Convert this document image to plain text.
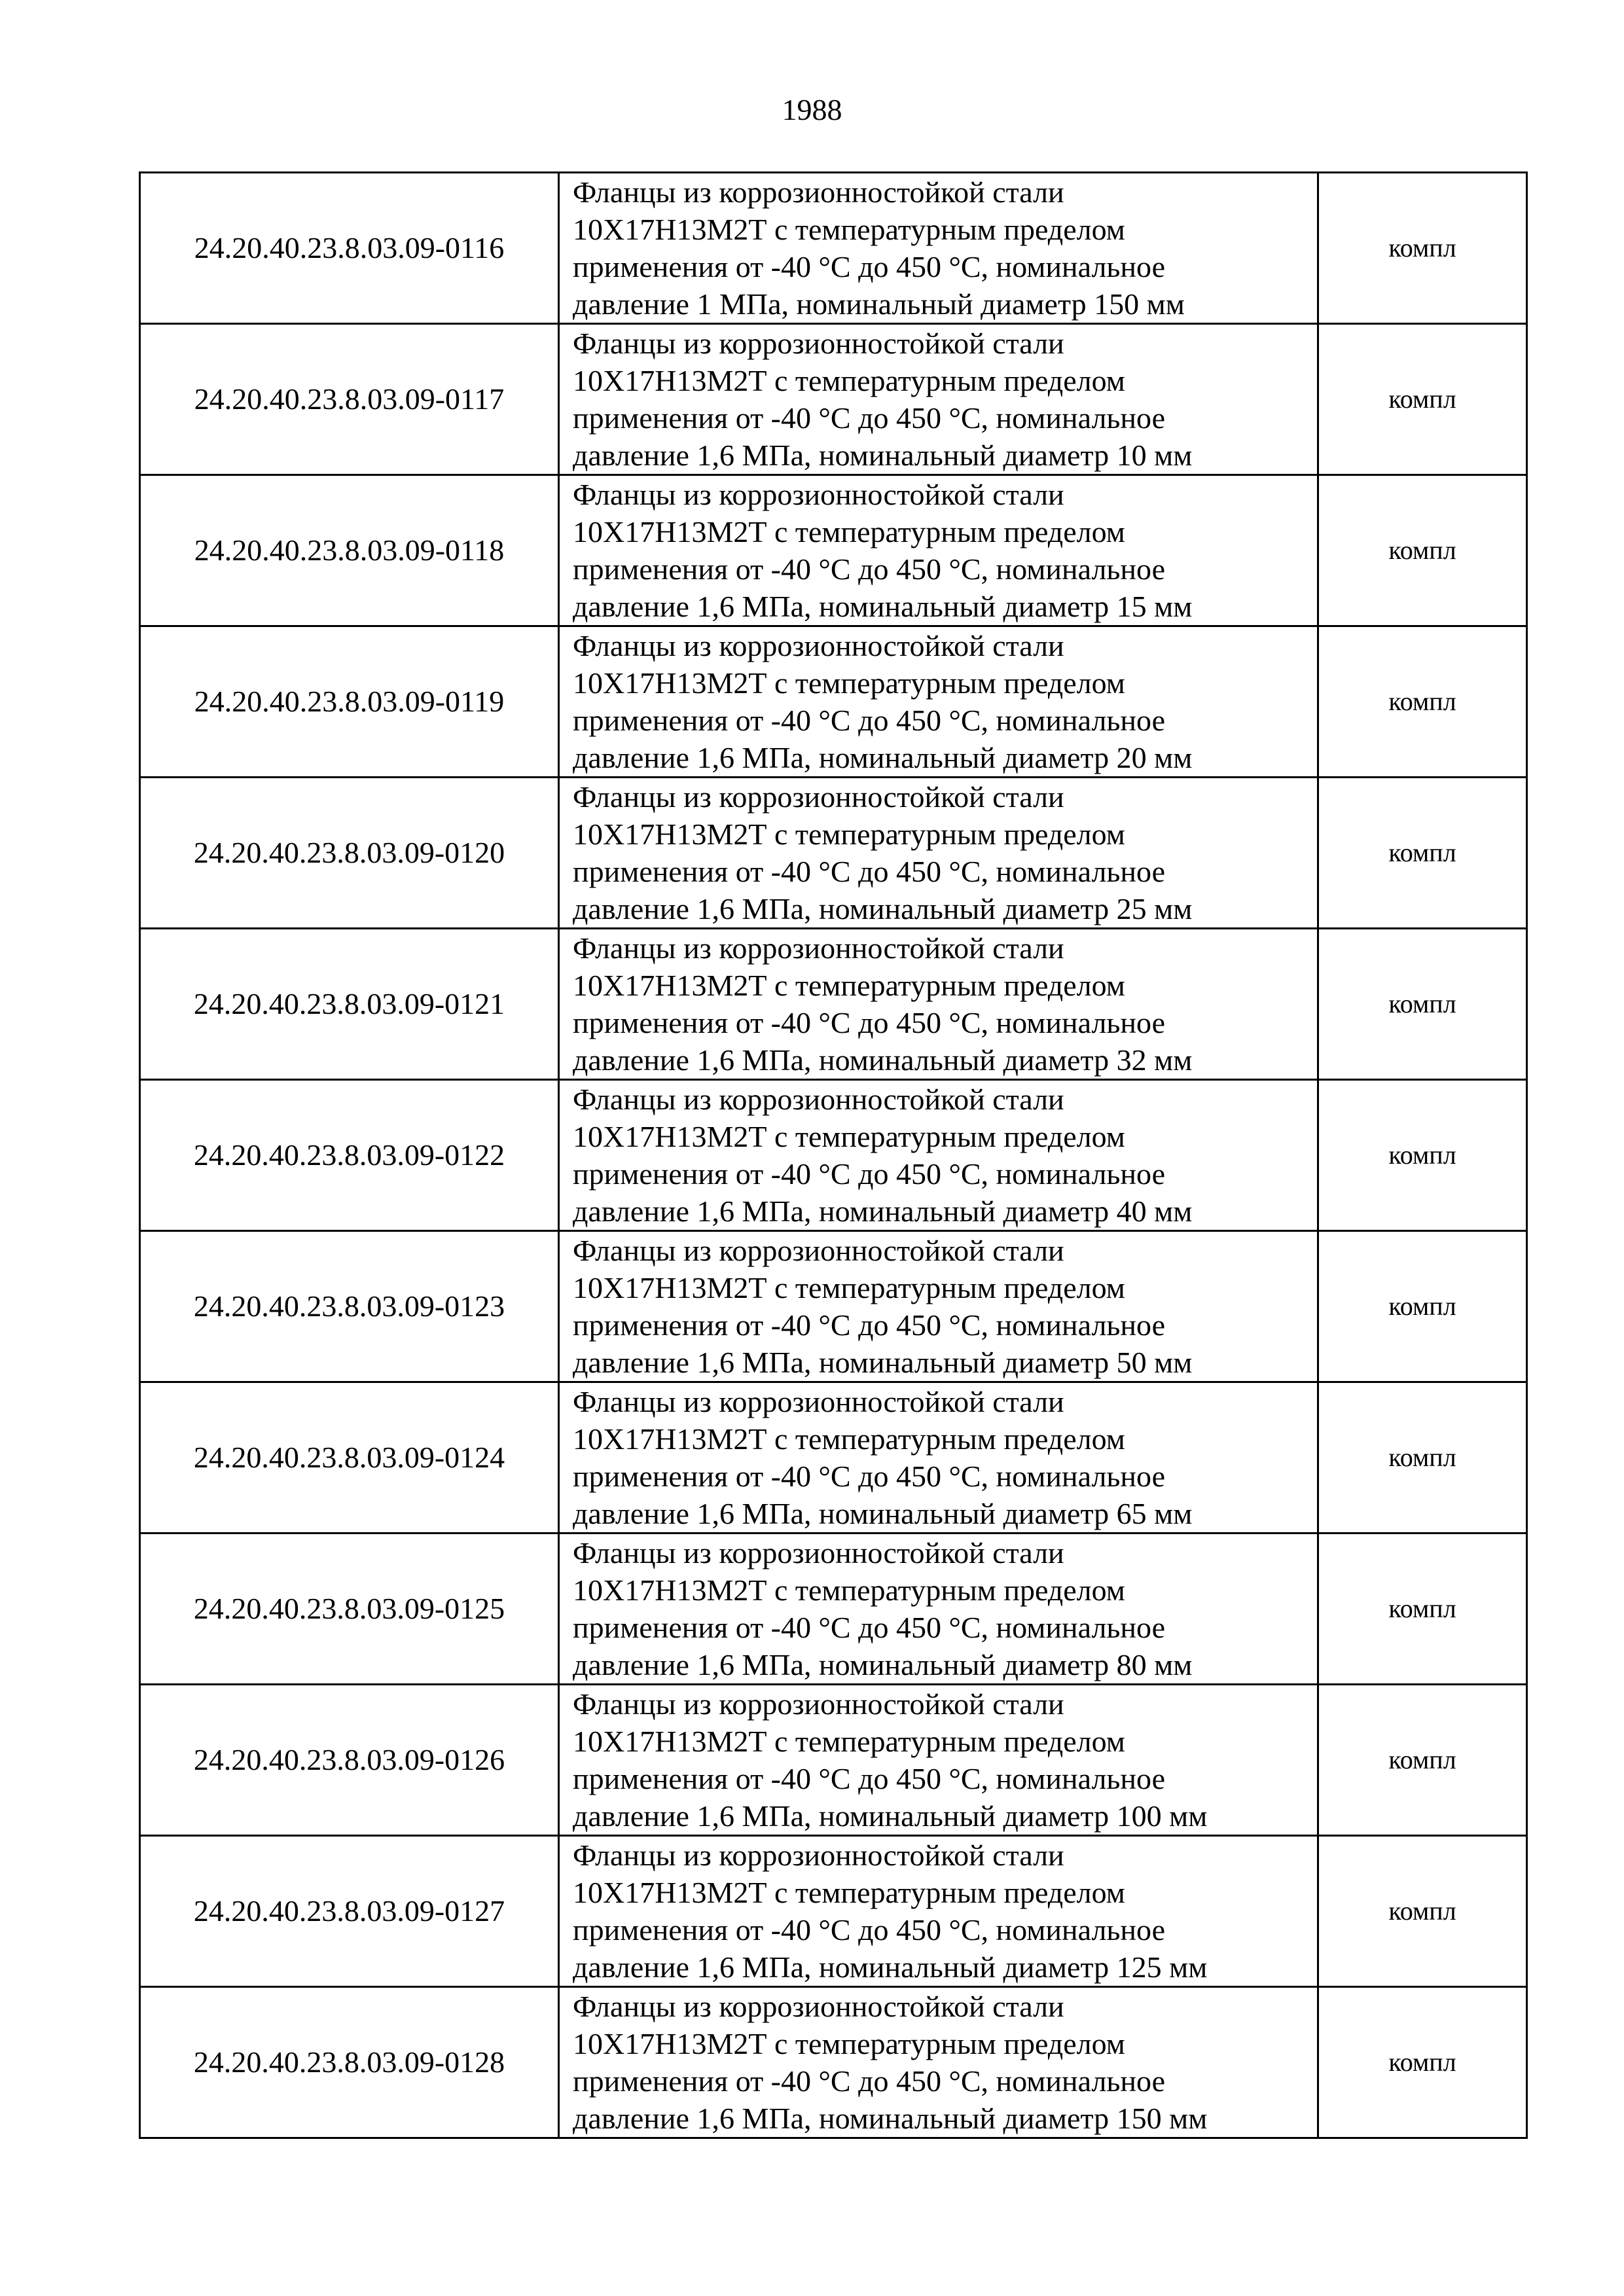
1988
24.20.40.23.8.03.09-0116	Фланцы из коррозионностойкой стали
10Х17Н13М2Т с температурным пределом
применения от -40 °С до 450 °С, номинальное
давление 1 МПа, номинальный диаметр 150 мм	компл
24.20.40.23.8.03.09-0117	Фланцы из коррозионностойкой стали
10Х17Н13М2Т с температурным пределом
применения от -40 °С до 450 °С, номинальное
давление 1,6 МПа, номинальный диаметр 10 мм	компл
24.20.40.23.8.03.09-0118	Фланцы из коррозионностойкой стали
10Х17Н13М2Т с температурным пределом
применения от -40 °С до 450 °С, номинальное
давление 1,6 МПа, номинальный диаметр 15 мм	компл
24.20.40.23.8.03.09-0119	Фланцы из коррозионностойкой стали
10Х17Н13М2Т с температурным пределом
применения от -40 °С до 450 °С, номинальное
давление 1,6 МПа, номинальный диаметр 20 мм	компл
24.20.40.23.8.03.09-0120	Фланцы из коррозионностойкой стали
10Х17Н13М2Т с температурным пределом
применения от -40 °С до 450 °С, номинальное
давление 1,6 МПа, номинальный диаметр 25 мм	компл
24.20.40.23.8.03.09-0121	Фланцы из коррозионностойкой стали
10Х17Н13М2Т с температурным пределом
применения от -40 °С до 450 °С, номинальное
давление 1,6 МПа, номинальный диаметр 32 мм	компл
24.20.40.23.8.03.09-0122	Фланцы из коррозионностойкой стали
10Х17Н13М2Т с температурным пределом
применения от -40 °С до 450 °С, номинальное
давление 1,6 МПа, номинальный диаметр 40 мм	компл
24.20.40.23.8.03.09-0123	Фланцы из коррозионностойкой стали
10Х17Н13М2Т с температурным пределом
применения от -40 °С до 450 °С, номинальное
давление 1,6 МПа, номинальный диаметр 50 мм	компл
24.20.40.23.8.03.09-0124	Фланцы из коррозионностойкой стали
10Х17Н13М2Т с температурным пределом
применения от -40 °С до 450 °С, номинальное
давление 1,6 МПа, номинальный диаметр 65 мм	компл
24.20.40.23.8.03.09-0125	Фланцы из коррозионностойкой стали
10Х17Н13М2Т с температурным пределом
применения от -40 °С до 450 °С, номинальное
давление 1,6 МПа, номинальный диаметр 80 мм	компл
24.20.40.23.8.03.09-0126	Фланцы из коррозионностойкой стали
10Х17Н13М2Т с температурным пределом
применения от -40 °С до 450 °С, номинальное
давление 1,6 МПа, номинальный диаметр 100 мм	компл
24.20.40.23.8.03.09-0127	Фланцы из коррозионностойкой стали
10Х17Н13М2Т с температурным пределом
применения от -40 °С до 450 °С, номинальное
давление 1,6 МПа, номинальный диаметр 125 мм	компл
24.20.40.23.8.03.09-0128	Фланцы из коррозионностойкой стали
10Х17Н13М2Т с температурным пределом
применения от -40 °С до 450 °С, номинальное
давление 1,6 МПа, номинальный диаметр 150 мм	компл
